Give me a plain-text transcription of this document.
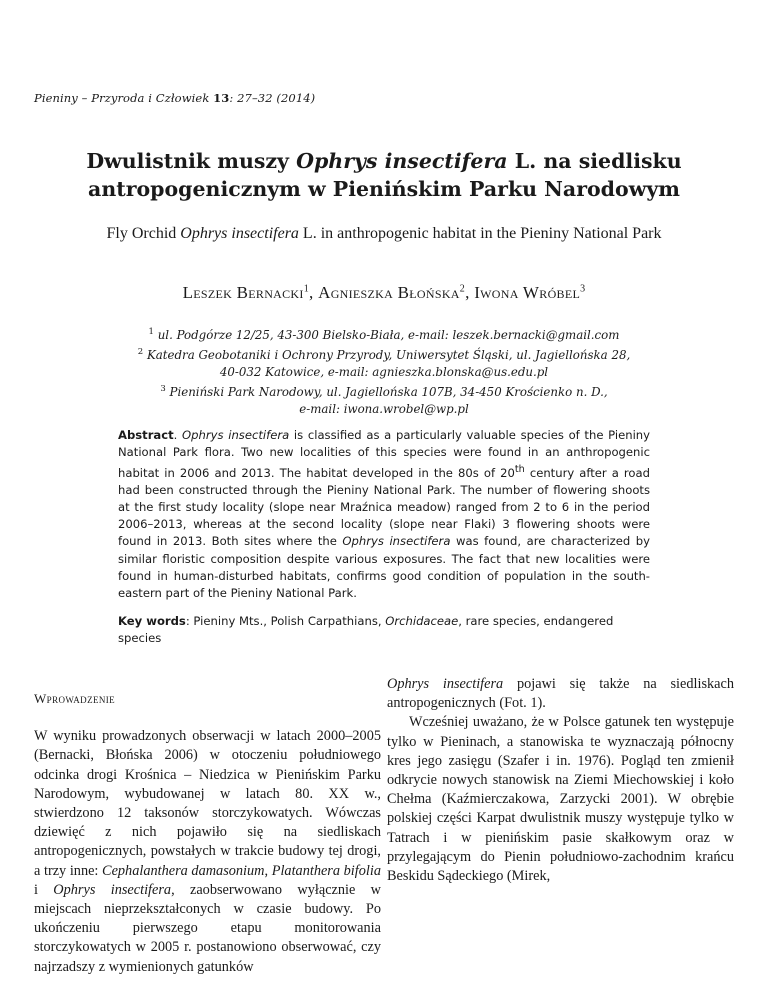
Pieniny – Przyroda i Człowiek 13: 27–32 (2014)
Dwulistnik muszy Ophrys insectifera L. na siedlisku
antropogenicznym w Pienińskim Parku Narodowym
Fly Orchid Ophrys insectifera L. in anthropogenic habitat in the Pieniny National Park
Leszek Bernacki$^1$, Agnieszka Błońska$^2$, Iwona Wróbel$^3$
$^1$ ul. Podgórze 12/25, 43-300 Bielsko-Biała, e-mail: leszek.bernacki@gmail.com
$^2$ Katedra Geobotaniki i Ochrony Przyrody, Uniwersytet Śląski, ul. Jagiellońska 28,
40-032 Katowice, e-mail: agnieszka.blonska@us.edu.pl
$^3$ Pieniński Park Narodowy, ul. Jagiellońska 107B, 34-450 Krościenko n. D.,
e-mail: iwona.wrobel@wp.pl
Abstract. Ophrys insectifera is classified as a particularly valuable species of the Pieniny National Park flora. Two new localities of this species were found in an anthropogenic habitat in 2006 and 2013. The habitat developed in the 80s of 20th century after a road had been constructed through the Pieniny National Park. The number of flowering shoots at the first study locality (slope near Mraźnica meadow) ranged from 2 to 6 in the period 2006–2013, whereas at the second locality (slope near Flaki) 3 flowering shoots were found in 2013. Both sites where the Ophrys insectifera was found, are characterized by similar floristic composition despite various exposures. The fact that new localities were found in human-disturbed habitats, confirms good condition of population in the south-eastern part of the Pieniny National Park.
Key words: Pieniny Mts., Polish Carpathians, Orchidaceae, rare species, endangered species

Wprowadzenie

W wyniku prowadzonych obserwacji w latach 2000–2005 (Bernacki, Błońska 2006) w otoczeniu południowego odcinka drogi Krośnica – Niedzica w Pienińskim Parku Narodowym, wybudowanej w latach 80. XX w., stwierdzono 12 taksonów storczykowatych. Wówczas dziewięć z nich pojawiło się na siedliskach antropogenicznych, powstałych w trakcie budowy tej drogi, a trzy inne: Cephalanthera damasonium, Platanthera bifolia i Ophrys insectifera, zaobserwowano wyłącznie w miejscach nieprzekształconych w czasie budowy. Po ukończeniu pierwszego etapu monitorowania storczykowatych w 2005 r. postanowiono obserwować, czy najrzadszy z wymienionych gatunków

Ophrys insectifera pojawi się także na siedliskach antropogenicznych (Fot. 1).

Wcześniej uważano, że w Polsce gatunek ten występuje tylko w Pieninach, a stanowiska te wyznaczają północny kres jego zasięgu (Szafer i in. 1976). Pogląd ten zmienił odkrycie nowych stanowisk na Ziemi Miechowskiej i koło Chełma (Kaźmierczakowa, Zarzycki 2001). W obrębie polskiej części Karpat dwulistnik muszy występuje tylko w Tatrach i w pienińskim pasie skałkowym oraz w przylegającym do Pienin południowo-zachodnim krańcu Beskidu Sądeckiego (Mirek,
